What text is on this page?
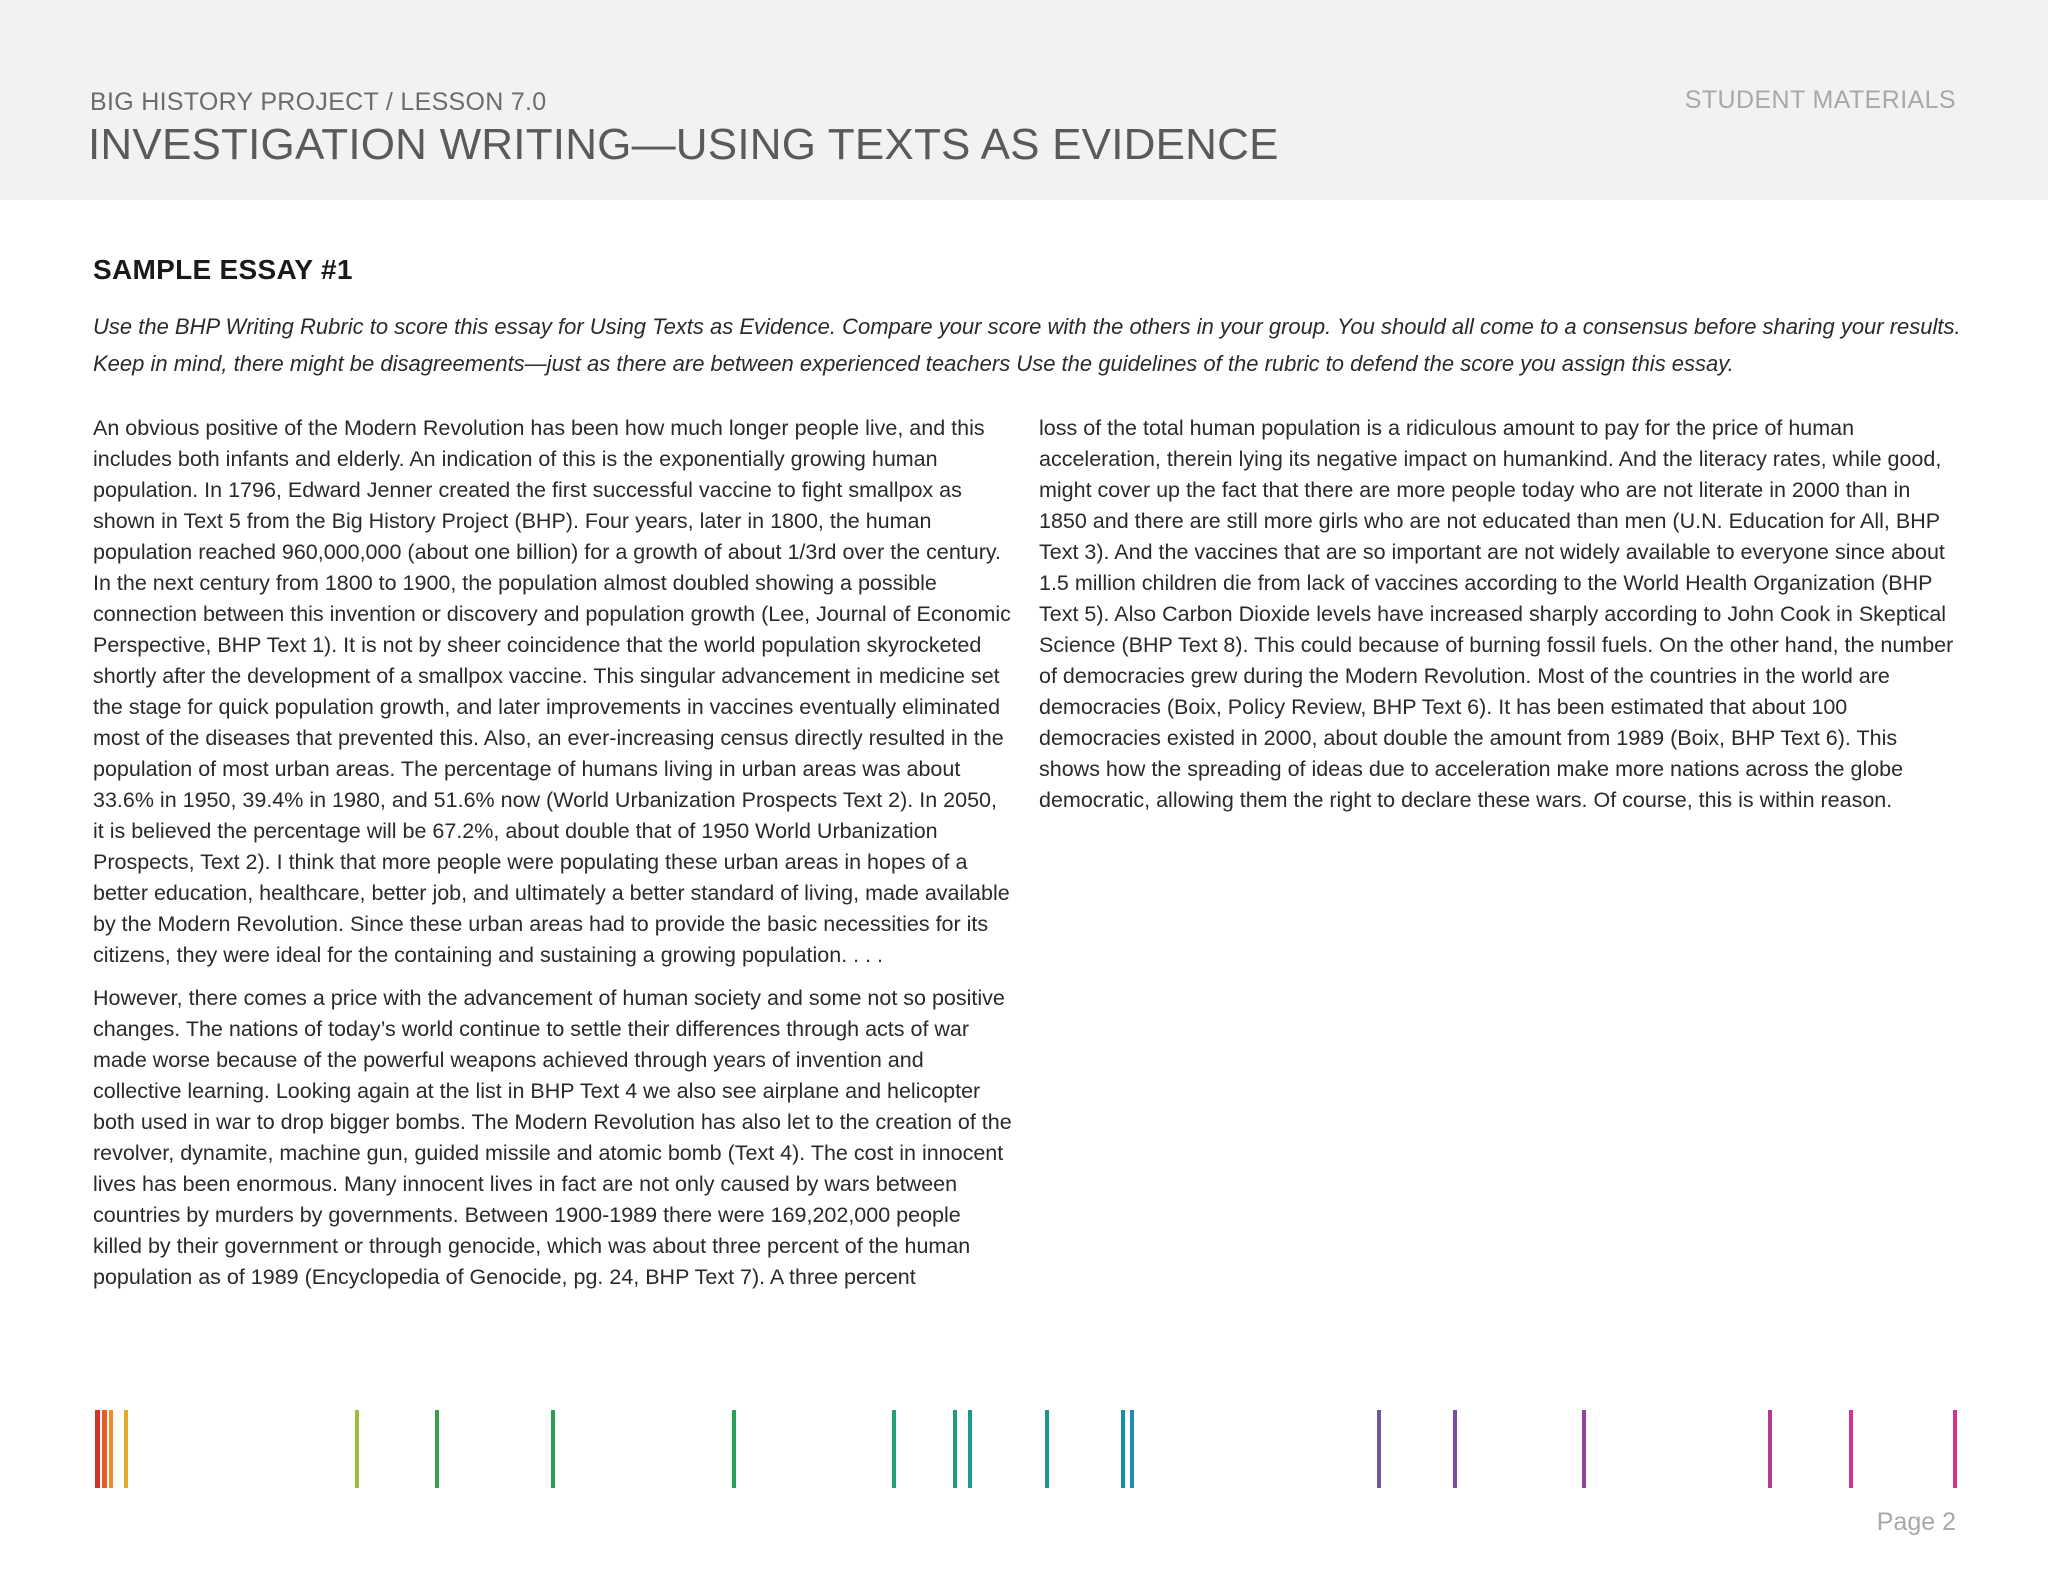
BIG HISTORY PROJECT / LESSON 7.0
INVESTIGATION WRITING—USING TEXTS AS EVIDENCE
STUDENT MATERIALS
SAMPLE ESSAY #1
Use the BHP Writing Rubric to score this essay for Using Texts as Evidence. Compare your score with the others in your group. You should all come to a consensus before sharing your results. Keep in mind, there might be disagreements—just as there are between experienced teachers Use the guidelines of the rubric to defend the score you assign this essay.

An obvious positive of the Modern Revolution has been how much longer people live, and this includes both infants and elderly. An indication of this is the exponentially growing human population. In 1796, Edward Jenner created the first successful vaccine to fight smallpox as shown in Text 5 from the Big History Project (BHP). Four years, later in 1800, the human population reached 960,000,000 (about one billion) for a growth of about 1/3rd over the century. In the next century from 1800 to 1900, the population almost doubled showing a possible connection between this invention or discovery and population growth (Lee, Journal of Economic Perspective, BHP Text 1). It is not by sheer coincidence that the world population skyrocketed shortly after the development of a smallpox vaccine. This singular advancement in medicine set the stage for quick population growth, and later improvements in vaccines eventually eliminated most of the diseases that prevented this. Also, an ever-increasing census directly resulted in the population of most urban areas. The percentage of humans living in urban areas was about 33.6% in 1950, 39.4% in 1980, and 51.6% now (World Urbanization Prospects Text 2). In 2050, it is believed the percentage will be 67.2%, about double that of 1950 World Urbanization Prospects, Text 2). I think that more people were populating these urban areas in hopes of a better education, healthcare, better job, and ultimately a better standard of living, made available by the Modern Revolution. Since these urban areas had to provide the basic necessities for its citizens, they were ideal for the containing and sustaining a growing population. . . .

However, there comes a price with the advancement of human society and some not so positive changes. The nations of today’s world continue to settle their differences through acts of war made worse because of the powerful weapons achieved through years of invention and collective learning. Looking again at the list in BHP Text 4 we also see airplane and helicopter both used in war to drop bigger bombs. The Modern Revolution has also let to the creation of the revolver, dynamite, machine gun, guided missile and atomic bomb (Text 4). The cost in innocent lives has been enormous. Many innocent lives in fact are not only caused by wars between countries by murders by governments. Between 1900-1989 there were 169,202,000 people killed by their government or through genocide, which was about three percent of the human population as of 1989 (Encyclopedia of Genocide, pg. 24, BHP Text 7). A three percent

loss of the total human population is a ridiculous amount to pay for the price of human acceleration, therein lying its negative impact on humankind. And the literacy rates, while good, might cover up the fact that there are more people today who are not literate in 2000 than in 1850 and there are still more girls who are not educated than men (U.N. Education for All, BHP Text 3). And the vaccines that are so important are not widely available to everyone since about 1.5 million children die from lack of vaccines according to the World Health Organization (BHP Text 5). Also Carbon Dioxide levels have increased sharply according to John Cook in Skeptical Science (BHP Text 8). This could because of burning fossil fuels. On the other hand, the number of democracies grew during the Modern Revolution. Most of the countries in the world are democracies (Boix, Policy Review, BHP Text 6). It has been estimated that about 100 democracies existed in 2000, about double the amount from 1989 (Boix, BHP Text 6). This shows how the spreading of ideas due to acceleration make more nations across the globe democratic, allowing them the right to declare these wars. Of course, this is within reason.

Page 2
